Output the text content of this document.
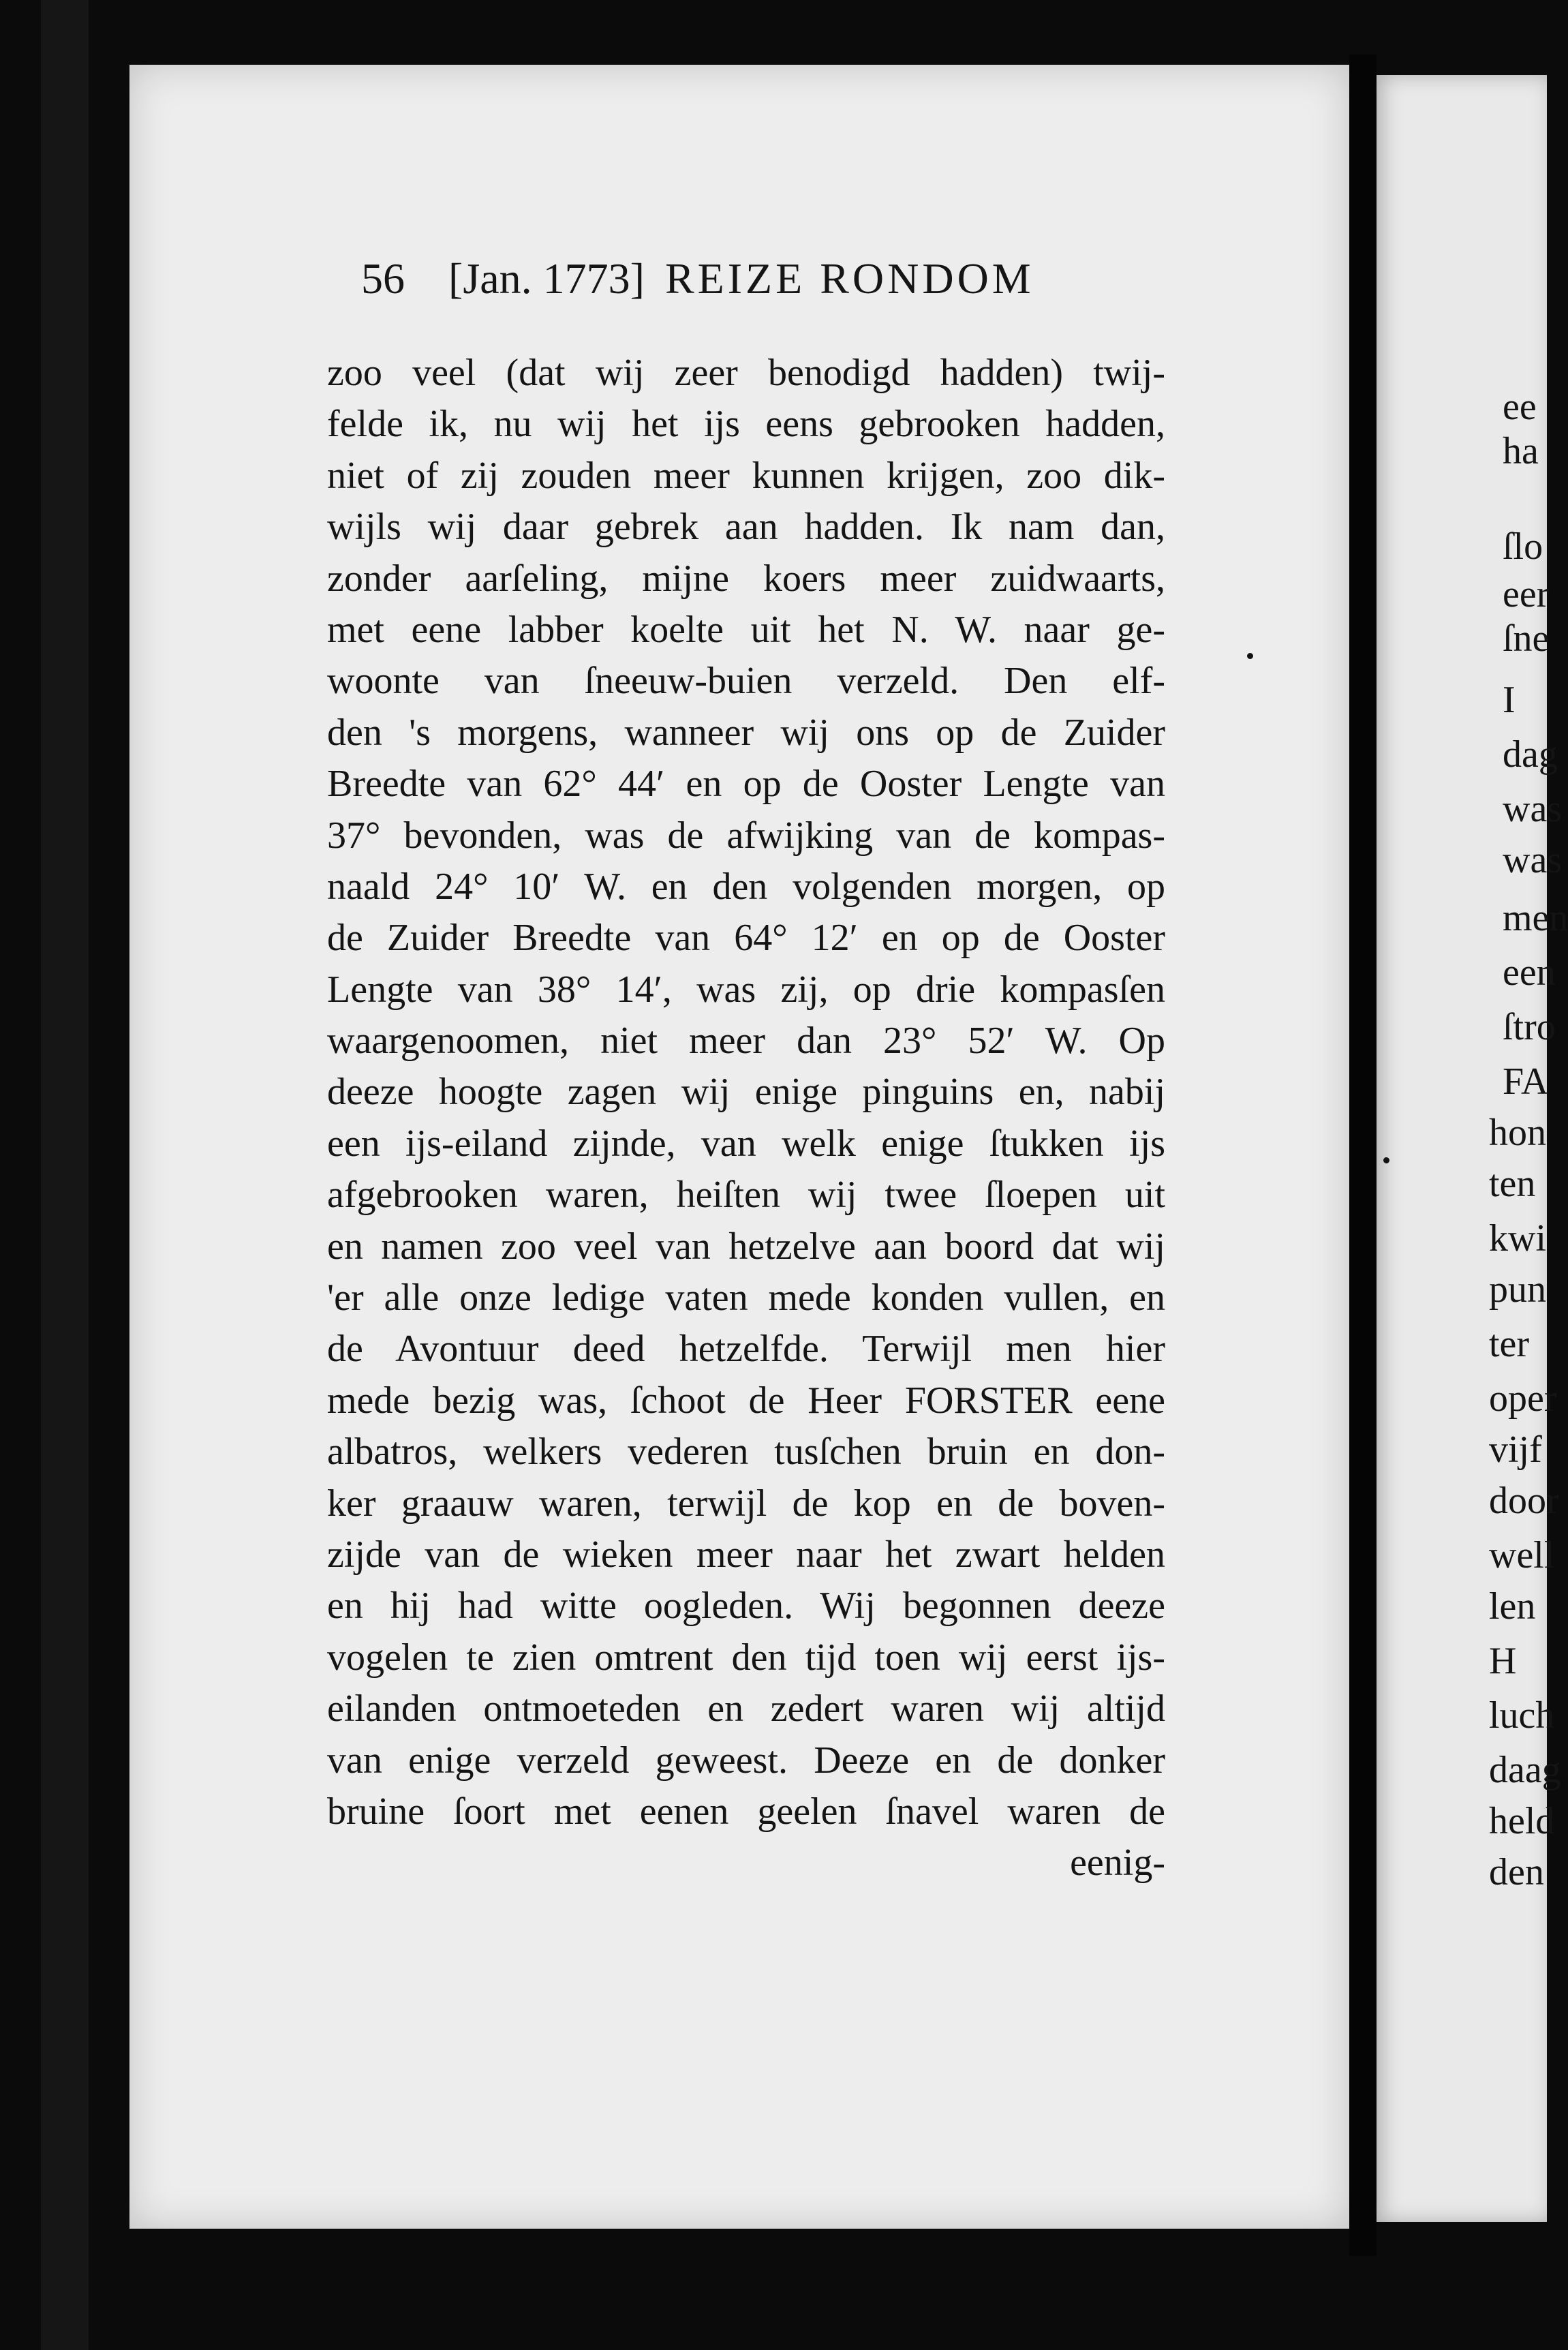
56 [Jan. 1773] REIZE RONDOM
zoo veel (dat wij zeer benodigd hadden) twij-
felde ik, nu wij het ijs eens gebrooken hadden,
niet of zij zouden meer kunnen krijgen, zoo dik-
wijls wij daar gebrek aan hadden. Ik nam dan,
zonder aarſeling, mijne koers meer zuidwaarts,
met eene labber koelte uit het N. W. naar ge-
woonte van ſneeuw-buien verzeld. Den elf-
den 's morgens, wanneer wij ons op de Zuider
Breedte van 62° 44′ en op de Ooster Lengte van
37° bevonden, was de afwijking van de kompas-
naald 24° 10′ W. en den volgenden morgen, op
de Zuider Breedte van 64° 12′ en op de Ooster
Lengte van 38° 14′, was zij, op drie kompasſen
waargenoomen, niet meer dan 23° 52′ W. Op
deeze hoogte zagen wij enige pinguins en, nabij
een ijs-eiland zijnde, van welk enige ſtukken ijs
afgebrooken waren, heiſten wij twee ſloepen uit
en namen zoo veel van hetzelve aan boord dat wij
'er alle onze ledige vaten mede konden vullen, en
de Avontuur deed hetzelfde. Terwijl men hier
mede bezig was, ſchoot de Heer FORSTER eene
albatros, welkers vederen tusſchen bruin en don-
ker graauw waren, terwijl de kop en de boven-
zijde van de wieken meer naar het zwart helden
en hij had witte oogleden. Wij begonnen deeze
vogelen te zien omtrent den tijd toen wij eerst ijs-
eilanden ontmoeteden en zedert waren wij altijd
van enige verzeld geweest. Deeze en de donker
bruine ſoort met eenen geelen ſnavel waren de
eenig-
ee
ha
ſlo
eer
ſne
I
dag
was
was
men
een
ſtro
FA
hon
ten
kwi
pun
ter
oper
vijf
door
well
len
H
luch
daag
held
den
